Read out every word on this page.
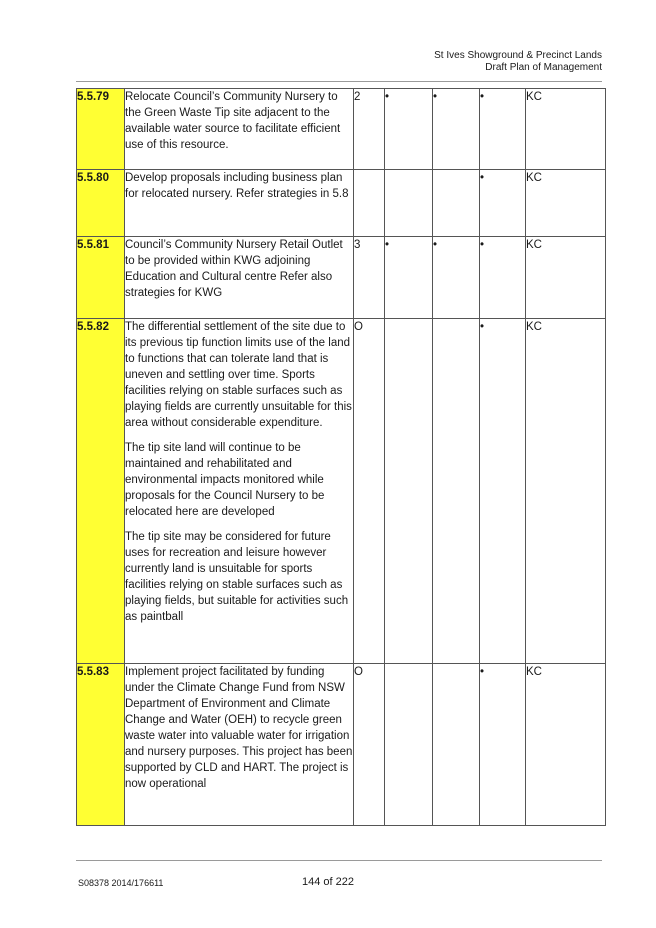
St Ives Showground & Precinct Lands
Draft Plan of Management
5.5.79	Relocate Council’s Community Nursery to the Green Waste Tip site adjacent to the available water source to facilitate efficient use of this resource.	2	•	•	•	KC
5.5.80	Develop proposals including business plan for relocated nursery. Refer strategies in 5.8				•	KC
5.5.81	Council’s Community Nursery Retail Outlet to be provided within KWG adjoining Education and Cultural centre Refer also strategies for KWG	3	•	•	•	KC
5.5.82	The differential settlement of the site due to its previous tip function limits use of the land to functions that can tolerate land that is uneven and settling over time. Sports facilities relying on stable surfaces such as playing fields are currently unsuitable for this area without considerable expenditure.

The tip site land will continue to be maintained and rehabilitated and environmental impacts monitored while proposals for the Council Nursery to be relocated here are developed

The tip site may be considered for future uses for recreation and leisure however currently land is unsuitable for sports facilities relying on stable surfaces such as playing fields, but suitable for activities such as paintball	O			•	KC
5.5.83	Implement project facilitated by funding under the Climate Change Fund from NSW Department of Environment and Climate Change and Water (OEH) to recycle green waste water into valuable water for irrigation and nursery purposes. This project has been supported by CLD and HART. The project is now operational	O			•	KC
S08378 2014/176611	144 of 222
